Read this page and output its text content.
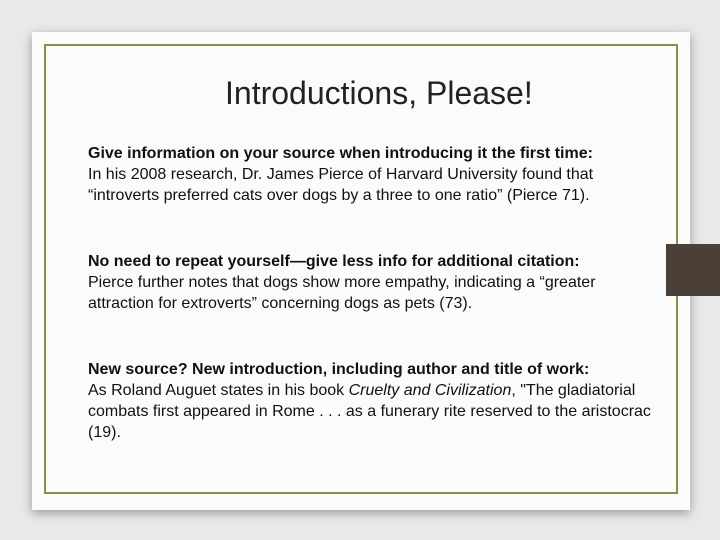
Introductions, Please!
Give information on your source when introducing it the first time:
In his 2008 research, Dr. James Pierce of Harvard University found that
“introverts preferred cats over dogs by a three to one ratio” (Pierce 71).
No need to repeat yourself—give less info for additional citation:
Pierce further notes that dogs show more empathy, indicating a “greater
attraction for extroverts” concerning dogs as pets (73).
New source? New introduction, including author and title of work:
As Roland Auguet states in his book Cruelty and Civilization, "The gladiatorial
combats first appeared in Rome . . . as a funerary rite reserved to the aristocrac
(19).
